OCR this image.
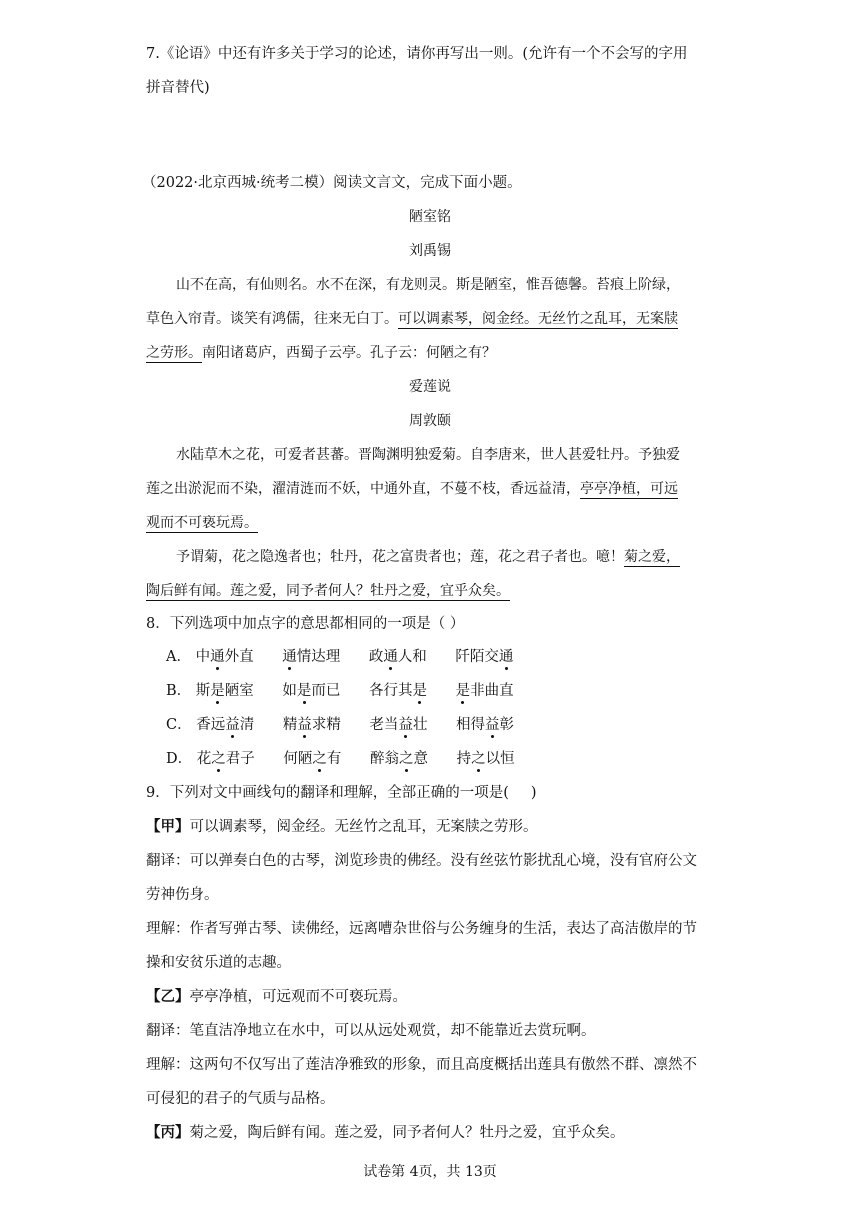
7.《论语》中还有许多关于学习的论述，请你再写出一则。(允许有一个不会写的字用
拼音替代)
（2022·北京西城·统考二模）阅读文言文，完成下面小题。
陋室铭
刘禹锡
山不在高，有仙则名。水不在深，有龙则灵。斯是陋室，惟吾德馨。苔痕上阶绿，
草色入帘青。谈笑有鸿儒，往来无白丁。可以调素琴，阅金经。无丝竹之乱耳，无案牍
之劳形。南阳诸葛庐，西蜀子云亭。孔子云：何陋之有？
爱莲说
周敦颐
水陆草木之花，可爱者甚蕃。晋陶渊明独爱菊。自李唐来，世人甚爱牡丹。予独爱
莲之出淤泥而不染，濯清涟而不妖，中通外直，不蔓不枝，香远益清，亭亭净植，可远
观而不可亵玩焉。
予谓菊，花之隐逸者也；牡丹，花之富贵者也；莲，花之君子者也。噫！菊之爱，
陶后鲜有闻。莲之爱，同予者何人？牡丹之爱，宜乎众矣。
8．下列选项中加点字的意思都相同的一项是（ ）
A． 中通外直 通情达理 政通人和 阡陌交通
B． 斯是陋室 如是而已 各行其是 是非曲直
C． 香远益清 精益求精 老当益壮 相得益彰
D． 花之君子 何陋之有 醉翁之意 持之以恒
9．下列对文中画线句的翻译和理解，全部正确的一项是( )
【甲】可以调素琴，阅金经。无丝竹之乱耳，无案牍之劳形。
翻译：可以弹奏白色的古琴，浏览珍贵的佛经。没有丝弦竹影扰乱心境，没有官府公文
劳神伤身。
理解：作者写弹古琴、读佛经，远离嘈杂世俗与公务缠身的生活，表达了高洁傲岸的节
操和安贫乐道的志趣。
【乙】亭亭净植，可远观而不可亵玩焉。
翻译：笔直洁净地立在水中，可以从远处观赏，却不能靠近去赏玩啊。
理解：这两句不仅写出了莲洁净雅致的形象，而且高度概括出莲具有傲然不群、凛然不
可侵犯的君子的气质与品格。
【丙】菊之爱，陶后鲜有闻。莲之爱，同予者何人？牡丹之爱，宜乎众矣。
试卷第 4页，共 13页
